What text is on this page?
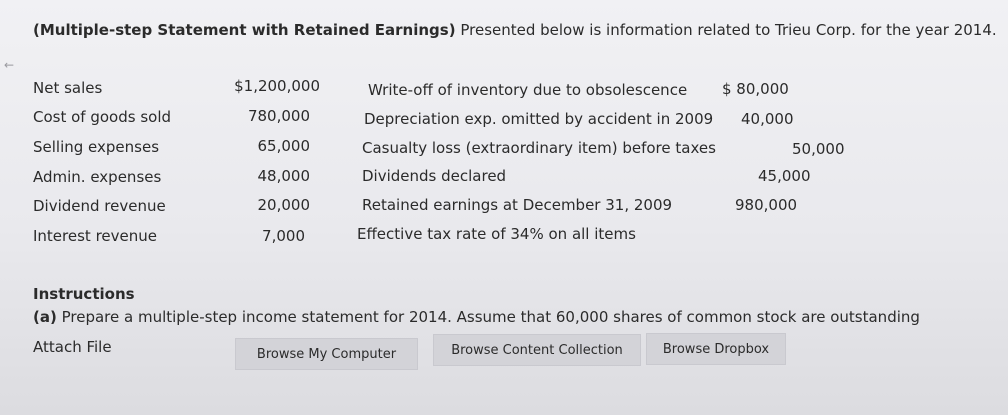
(Multiple-step Statement with Retained Earnings) Presented below is information related to Trieu Corp. for the year 2014.
←
Net sales	$1,200,000
Cost of goods sold	780,000
Selling expenses	65,000
Admin. expenses	48,000
Dividend revenue	20,000
Interest revenue	7,000
Write-off of inventory due to obsolescence $ 80,000
Depreciation exp. omitted by accident in 2009 40,000
Casualty loss (extraordinary item) before taxes	50,000
Dividends declared	45,000
Retained earnings at December 31, 2009	980,000
Effective tax rate of 34% on all items
Instructions
(a) Prepare a multiple-step income statement for 2014. Assume that 60,000 shares of common stock are outstanding
Attach File	Browse My Computer	Browse Content Collection	Browse Dropbox
